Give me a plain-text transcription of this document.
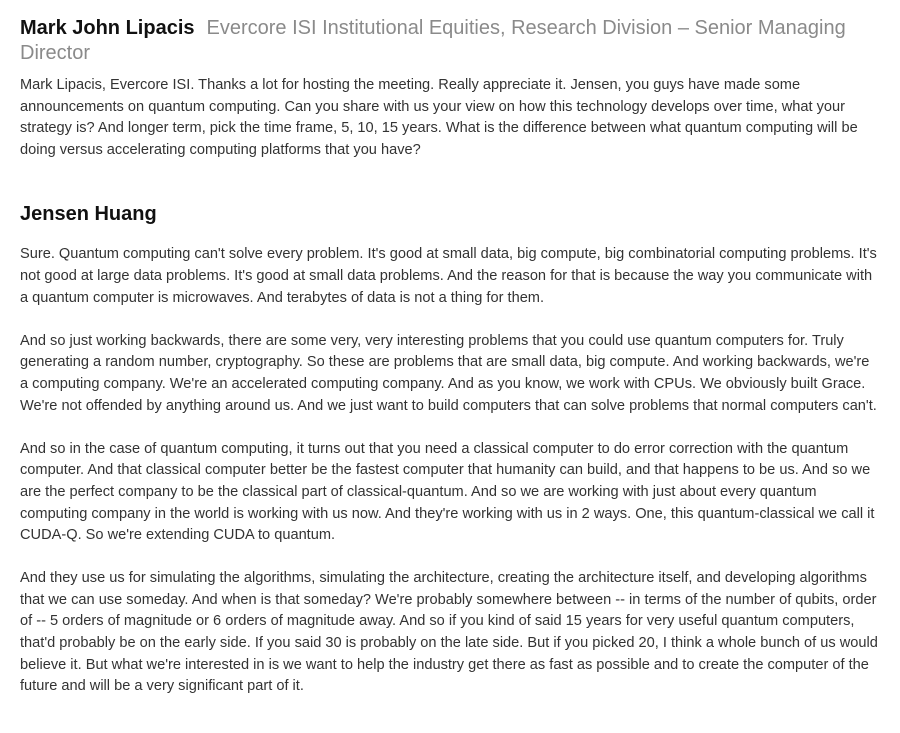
Mark John Lipacis Evercore ISI Institutional Equities, Research Division – Senior Managing Director

Mark Lipacis, Evercore ISI. Thanks a lot for hosting the meeting. Really appreciate it. Jensen, you guys have made some announcements on quantum computing. Can you share with us your view on how this technology develops over time, what your strategy is? And longer term, pick the time frame, 5, 10, 15 years. What is the difference between what quantum computing will be doing versus accelerating computing platforms that you have?

Jensen Huang

Sure. Quantum computing can't solve every problem. It's good at small data, big compute, big combinatorial computing problems. It's not good at large data problems. It's good at small data problems. And the reason for that is because the way you communicate with a quantum computer is microwaves. And terabytes of data is not a thing for them.

And so just working backwards, there are some very, very interesting problems that you could use quantum computers for. Truly generating a random number, cryptography. So these are problems that are small data, big compute. And working backwards, we're a computing company. We're an accelerated computing company. And as you know, we work with CPUs. We obviously built Grace. We're not offended by anything around us. And we just want to build computers that can solve problems that normal computers can't.

And so in the case of quantum computing, it turns out that you need a classical computer to do error correction with the quantum computer. And that classical computer better be the fastest computer that humanity can build, and that happens to be us. And so we are the perfect company to be the classical part of classical-quantum. And so we are working with just about every quantum computing company in the world is working with us now. And they're working with us in 2 ways. One, this quantum-classical we call it CUDA-Q. So we're extending CUDA to quantum.

And they use us for simulating the algorithms, simulating the architecture, creating the architecture itself, and developing algorithms that we can use someday. And when is that someday? We're probably somewhere between -- in terms of the number of qubits, order of -- 5 orders of magnitude or 6 orders of magnitude away. And so if you kind of said 15 years for very useful quantum computers, that'd probably be on the early side. If you said 30 is probably on the late side. But if you picked 20, I think a whole bunch of us would believe it. But what we're interested in is we want to help the industry get there as fast as possible and to create the computer of the future and will be a very significant part of it.
